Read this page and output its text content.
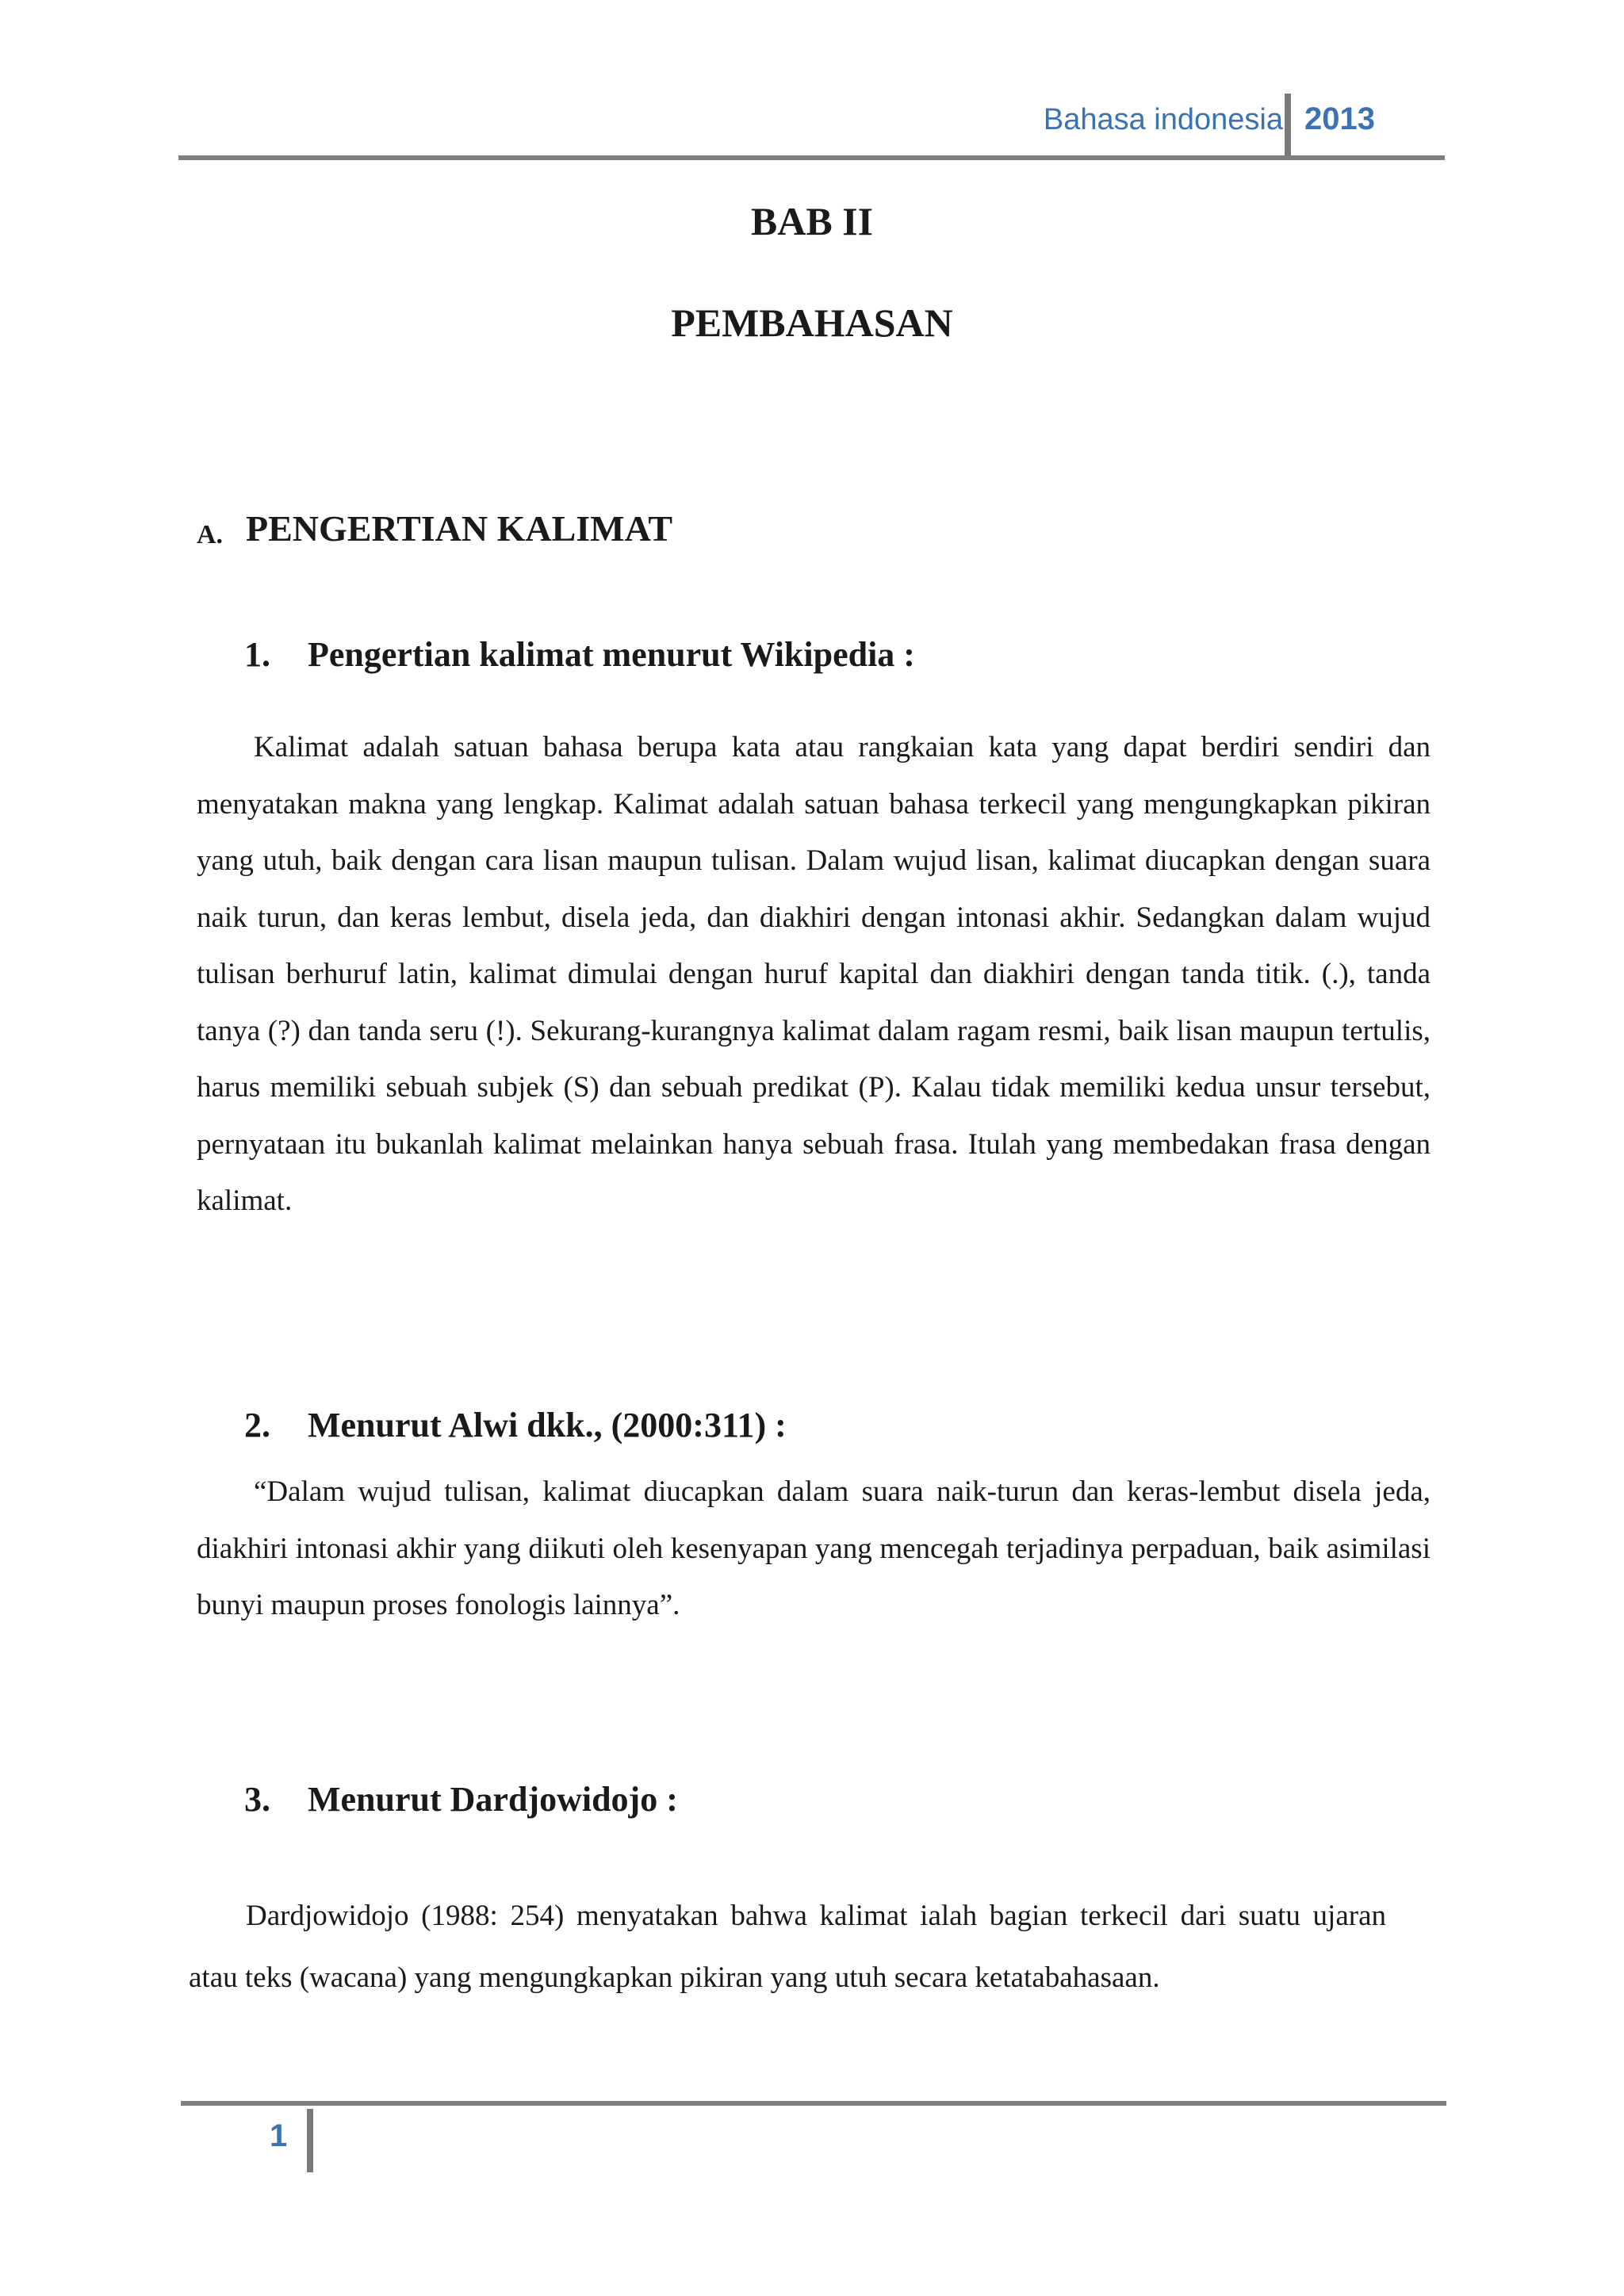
Bahasa indonesia 2013
BAB II
PEMBAHASAN
A. PENGERTIAN KALIMAT
1. Pengertian kalimat menurut Wikipedia :
Kalimat adalah satuan bahasa berupa kata atau rangkaian kata yang dapat berdiri sendiri dan menyatakan makna yang lengkap. Kalimat adalah satuan bahasa terkecil yang mengungkapkan pikiran yang utuh, baik dengan cara lisan maupun tulisan. Dalam wujud lisan, kalimat diucapkan dengan suara naik turun, dan keras lembut, disela jeda, dan diakhiri dengan intonasi akhir. Sedangkan dalam wujud tulisan berhuruf latin, kalimat dimulai dengan huruf kapital dan diakhiri dengan tanda titik. (.), tanda tanya (?) dan tanda seru (!). Sekurang-kurangnya kalimat dalam ragam resmi, baik lisan maupun tertulis, harus memiliki sebuah subjek (S) dan sebuah predikat (P). Kalau tidak memiliki kedua unsur tersebut, pernyataan itu bukanlah kalimat melainkan hanya sebuah frasa. Itulah yang membedakan frasa dengan kalimat.
2. Menurut Alwi dkk., (2000:311) :
“Dalam wujud tulisan, kalimat diucapkan dalam suara naik-turun dan keras-lembut disela jeda, diakhiri intonasi akhir yang diikuti oleh kesenyapan yang mencegah terjadinya perpaduan, baik asimilasi bunyi maupun proses fonologis lainnya”.
3. Menurut Dardjowidojo :
Dardjowidojo (1988: 254) menyatakan bahwa kalimat ialah bagian terkecil dari suatu ujaran atau teks (wacana) yang mengungkapkan pikiran yang utuh secara ketatabahasaan.
1
